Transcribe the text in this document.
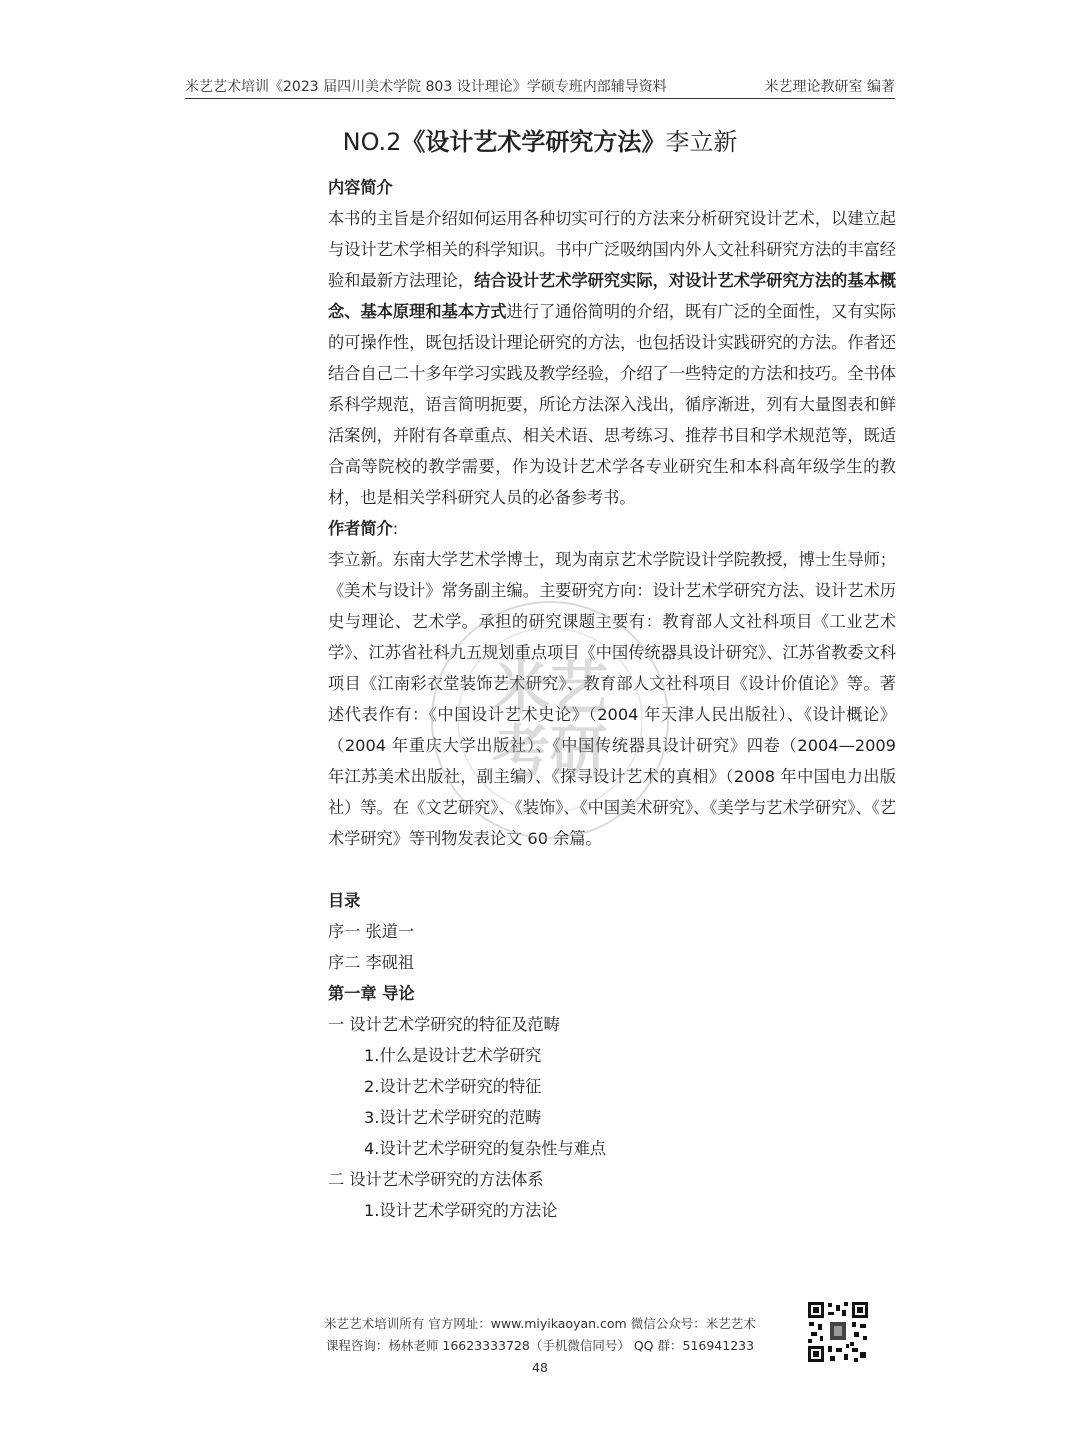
米艺艺术培训《2023 届四川美术学院 803 设计理论》学硕专班内部辅导资料	米艺理论教研室 编著
NO.2《设计艺术学研究方法》李立新

内容简介

本书的主旨是介绍如何运用各种切实可行的方法来分析研究设计艺术，以建立起与设计艺术学相关的科学知识。书中广泛吸纳国内外人文社科研究方法的丰富经验和最新方法理论，结合设计艺术学研究实际，对设计艺术学研究方法的基本概念、基本原理和基本方式进行了通俗简明的介绍，既有广泛的全面性，又有实际的可操作性，既包括设计理论研究的方法，也包括设计实践研究的方法。作者还结合自己二十多年学习实践及教学经验，介绍了一些特定的方法和技巧。全书体系科学规范，语言简明扼要，所论方法深入浅出，循序渐进，列有大量图表和鲜活案例，并附有各章重点、相关术语、思考练习、推荐书目和学术规范等，既适合高等院校的教学需要，作为设计艺术学各专业研究生和本科高年级学生的教材，也是相关学科研究人员的必备参考书。

作者简介:

李立新。东南大学艺术学博士，现为南京艺术学院设计学院教授，博士生导师；《美术与设计》常务副主编。主要研究方向：设计艺术学研究方法、设计艺术历史与理论、艺术学。承担的研究课题主要有：教育部人文社科项目《工业艺术学》、江苏省社科九五规划重点项目《中国传统器具设计研究》、江苏省教委文科项目《江南彩衣堂装饰艺术研究》、教育部人文社科项目《设计价值论》等。著述代表作有：《中国设计艺术史论》（2004 年天津人民出版社）、《设计概论》（2004 年重庆大学出版社）、《中国传统器具设计研究》四卷（2004—2009 年江苏美术出版社，副主编）、《探寻设计艺术的真相》（2008 年中国电力出版社）等。在《文艺研究》、《装饰》、《中国美术研究》、《美学与艺术学研究》、《艺术学研究》等刊物发表论文 60 余篇。

目录

序一 张道一

序二 李砚祖

第一章 导论

一 设计艺术学研究的特征及范畴

1.什么是设计艺术学研究

2.设计艺术学研究的特征

3.设计艺术学研究的范畴

4.设计艺术学研究的复杂性与难点

二 设计艺术学研究的方法体系

1.设计艺术学研究的方法论

米艺
考研
米艺艺术培训所有 官方网址：www.miyikaoyan.com 微信公众号：米艺艺术
课程咨询：杨林老师 16623333728（手机微信同号） QQ 群：516941233
48
